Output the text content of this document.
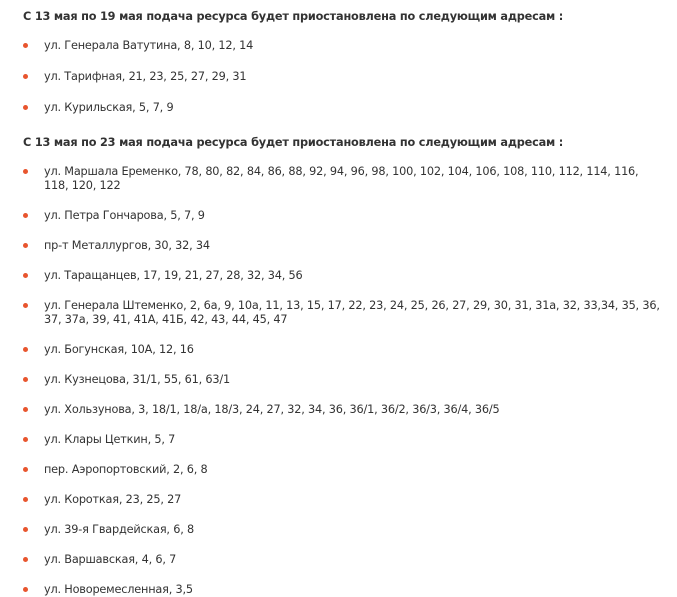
С 13 мая по 19 мая подача ресурса будет приостановлена по следующим адресам :

ул. Генерала Ватутина, 8, 10, 12, 14
ул. Тарифная, 21, 23, 25, 27, 29, 31
ул. Курильская, 5, 7, 9

С 13 мая по 23 мая подача ресурса будет приостановлена по следующим адресам :

ул. Маршала Еременко, 78, 80, 82, 84, 86, 88, 92, 94, 96, 98, 100, 102, 104, 106, 108, 110, 112, 114, 116, 118, 120, 122
ул. Петра Гончарова, 5, 7, 9
пр-т Металлургов, 30, 32, 34
ул. Таращанцев, 17, 19, 21, 27, 28, 32, 34, 56
ул. Генерала Штеменко, 2, 6а, 9, 10а, 11, 13, 15, 17, 22, 23, 24, 25, 26, 27, 29, 30, 31, 31а, 32, 33,34, 35, 36, 37, 37а, 39, 41, 41А, 41Б, 42, 43, 44, 45, 47
ул. Богунская, 10А, 12, 16
ул. Кузнецова, 31/1, 55, 61, 63/1
ул. Хользунова, 3, 18/1, 18/а, 18/3, 24, 27, 32, 34, 36, 36/1, 36/2, 36/3, 36/4, 36/5
ул. Клары Цеткин, 5, 7
пер. Аэропортовский, 2, 6, 8
ул. Короткая, 23, 25, 27
ул. 39-я Гвардейская, 6, 8
ул. Варшавская, 4, 6, 7
ул. Новоремесленная, 3,5
